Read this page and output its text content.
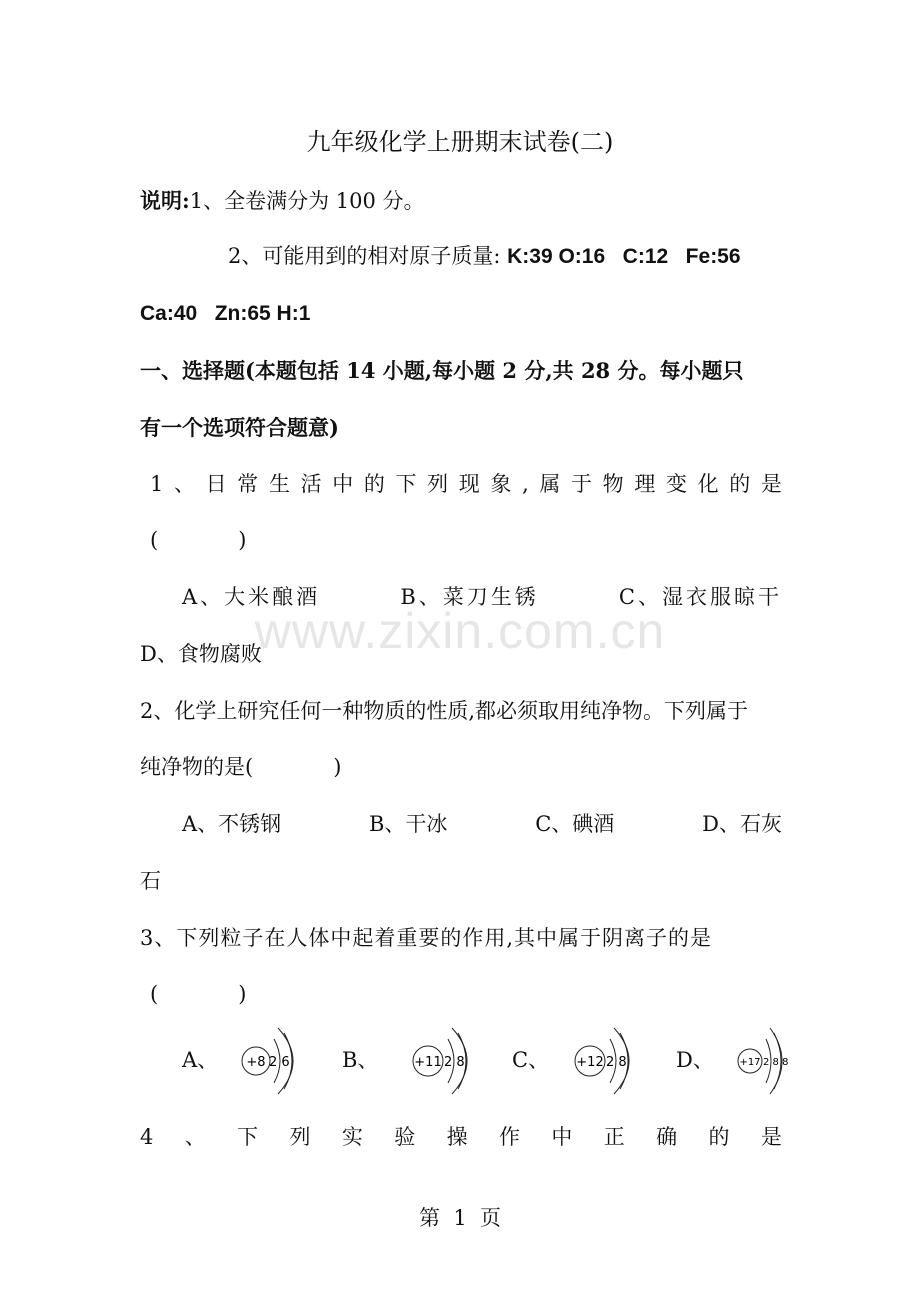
www.zixin.com.cn
九年级化学上册期末试卷(二)
说明:1、全卷满分为 100 分。
2、可能用到的相对原子质量: K:39 O:16   C:12   Fe:56
Ca:40   Zn:65 H:1
一、选择题(本题包括 14 小题,每小题 2 分,共 28 分。每小题只
有一个选项符合题意)
1 、 日 常 生 活 中 的 下 列 现 象 , 属 于 物 理 变 化 的 是
(            )
A、大米酿酒	B、菜刀生锈	C、湿衣服晾干
D、食物腐败
2、化学上研究任何一种物质的性质,都必须取用纯净物。下列属于
纯净物的是(            )
A、不锈钢	B、干冰	C、碘酒	D、石灰
石
3、下列粒子在人体中起着重要的作用,其中属于阴离子的是
(            )
A、 +8 2 6 B、	+11 2 8 C、 +12 2 8 D、	+17 2 8 8
4 、 下 列 实 验 操 作 中 正 确 的 是
第  1  页
